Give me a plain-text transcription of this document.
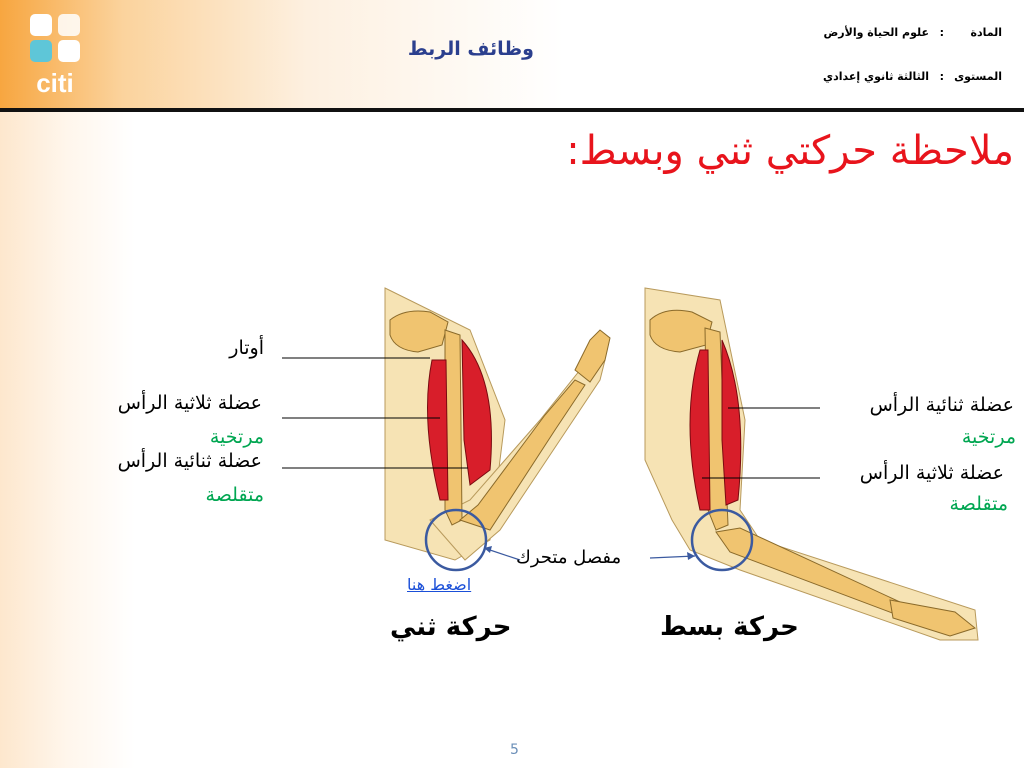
citi
وظائف الربط
المادة
:
علوم الحياة والأرض
المستوى
:
الثالثة ثانوي إعدادي
ملاحظة حركتي ثني وبسط:
أوتار
عضلة ثلاثية الرأس
مرتخية
عضلة ثنائية الرأس
متقلصة
عضلة ثنائية الرأس
مرتخية
عضلة ثلاثية الرأس
متقلصة
مفصل متحرك
اضغط هنا
حركة ثني	حركة بسط
5
